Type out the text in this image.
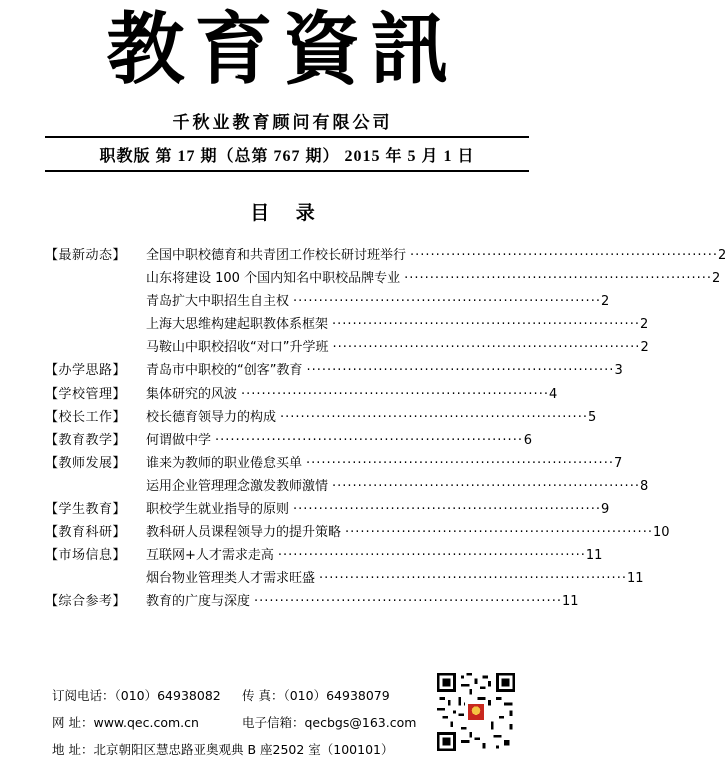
教育資訊
千秋业教育顾问有限公司
职教版 第 17 期（总第 767 期） 2015 年 5 月 1 日
目    录
【最新动态】 全国中职校德育和共青团工作校长研讨班举行 ···························································· 2
山东将建设 100 个国内知名中职校品牌专业 ···························································· 2
青岛扩大中职招生自主权 ···························································· 2
上海大思维构建起职教体系框架 ···························································· 2
马鞍山中职校招收“对口”升学班 ···························································· 2
【办学思路】 青岛市中职校的“创客”教育 ···························································· 3
【学校管理】 集体研究的风波 ···························································· 4
【校长工作】 校长德育领导力的构成 ···························································· 5
【教育教学】 何谓做中学 ···························································· 6
【教师发展】 谁来为教师的职业倦怠买单 ···························································· 7
运用企业管理理念激发教师激情 ···························································· 8
【学生教育】 职校学生就业指导的原则 ···························································· 9
【教育科研】 教科研人员课程领导力的提升策略 ···························································· 10
【市场信息】 互联网+人才需求走高 ···························································· 11
烟台物业管理类人才需求旺盛 ···························································· 11
【综合参考】 教育的广度与深度 ···························································· 11
订阅电话：（010）64938082 传 真：（010）64938079
网 址：www.qec.com.cn	电子信箱：qecbgs@163.com
地 址：北京朝阳区慧忠路亚奥观典 B 座2502 室（100101）
